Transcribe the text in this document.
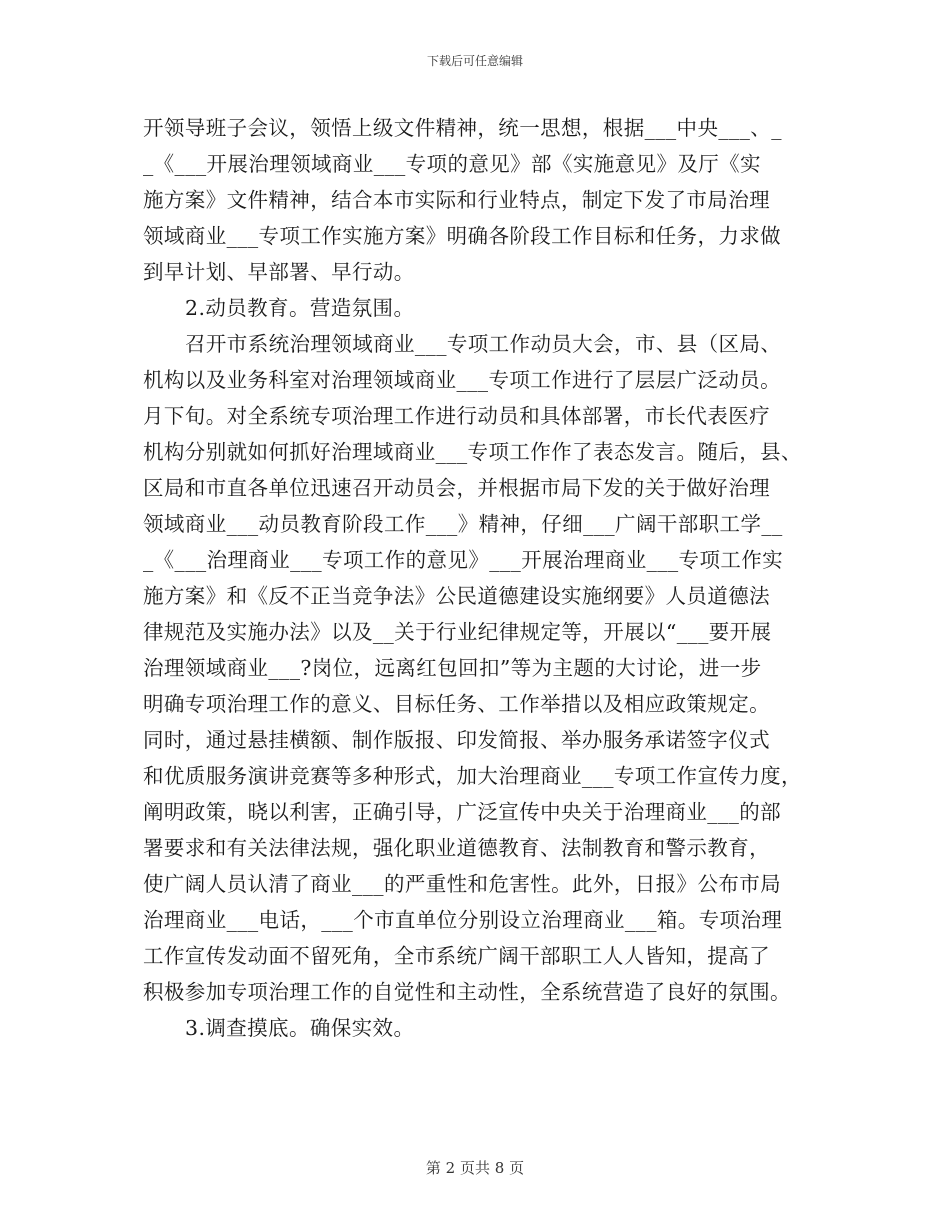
下载后可任意编辑
开领导班子会议，领悟上级文件精神，统一思想，根据___中央___、_
_《___开展治理领域商业___专项的意见》部《实施意见》及厅《实
施方案》文件精神，结合本市实际和行业特点，制定下发了市局治理
领域商业___专项工作实施方案》明确各阶段工作目标和任务，力求做
到早计划、早部署、早行动。
2.动员教育。营造氛围。
召开市系统治理领域商业___专项工作动员大会，市、县（区局、
机构以及业务科室对治理领域商业___专项工作进行了层层广泛动员。
月下旬。对全系统专项治理工作进行动员和具体部署，市长代表医疗
机构分别就如何抓好治理域商业___专项工作作了表态发言。随后，县、
区局和市直各单位迅速召开动员会，并根据市局下发的关于做好治理
领域商业___动员教育阶段工作___》精神，仔细___广阔干部职工学__
_《___治理商业___专项工作的意见》___开展治理商业___专项工作实
施方案》和《反不正当竞争法》公民道德建设实施纲要》人员道德法
律规范及实施办法》以及__关于行业纪律规定等，开展以“___要开展
治理领域商业___?岗位，远离红包回扣”等为主题的大讨论，进一步
明确专项治理工作的意义、目标任务、工作举措以及相应政策规定。
同时，通过悬挂横额、制作版报、印发简报、举办服务承诺签字仪式
和优质服务演讲竞赛等多种形式，加大治理商业___专项工作宣传力度，
阐明政策，晓以利害，正确引导，广泛宣传中央关于治理商业___的部
署要求和有关法律法规，强化职业道德教育、法制教育和警示教育，
使广阔人员认清了商业___的严重性和危害性。此外，日报》公布市局
治理商业___电话，___个市直单位分别设立治理商业___箱。专项治理
工作宣传发动面不留死角，全市系统广阔干部职工人人皆知，提高了
积极参加专项治理工作的自觉性和主动性，全系统营造了良好的氛围。
3.调查摸底。确保实效。
第 2 页共 8 页
